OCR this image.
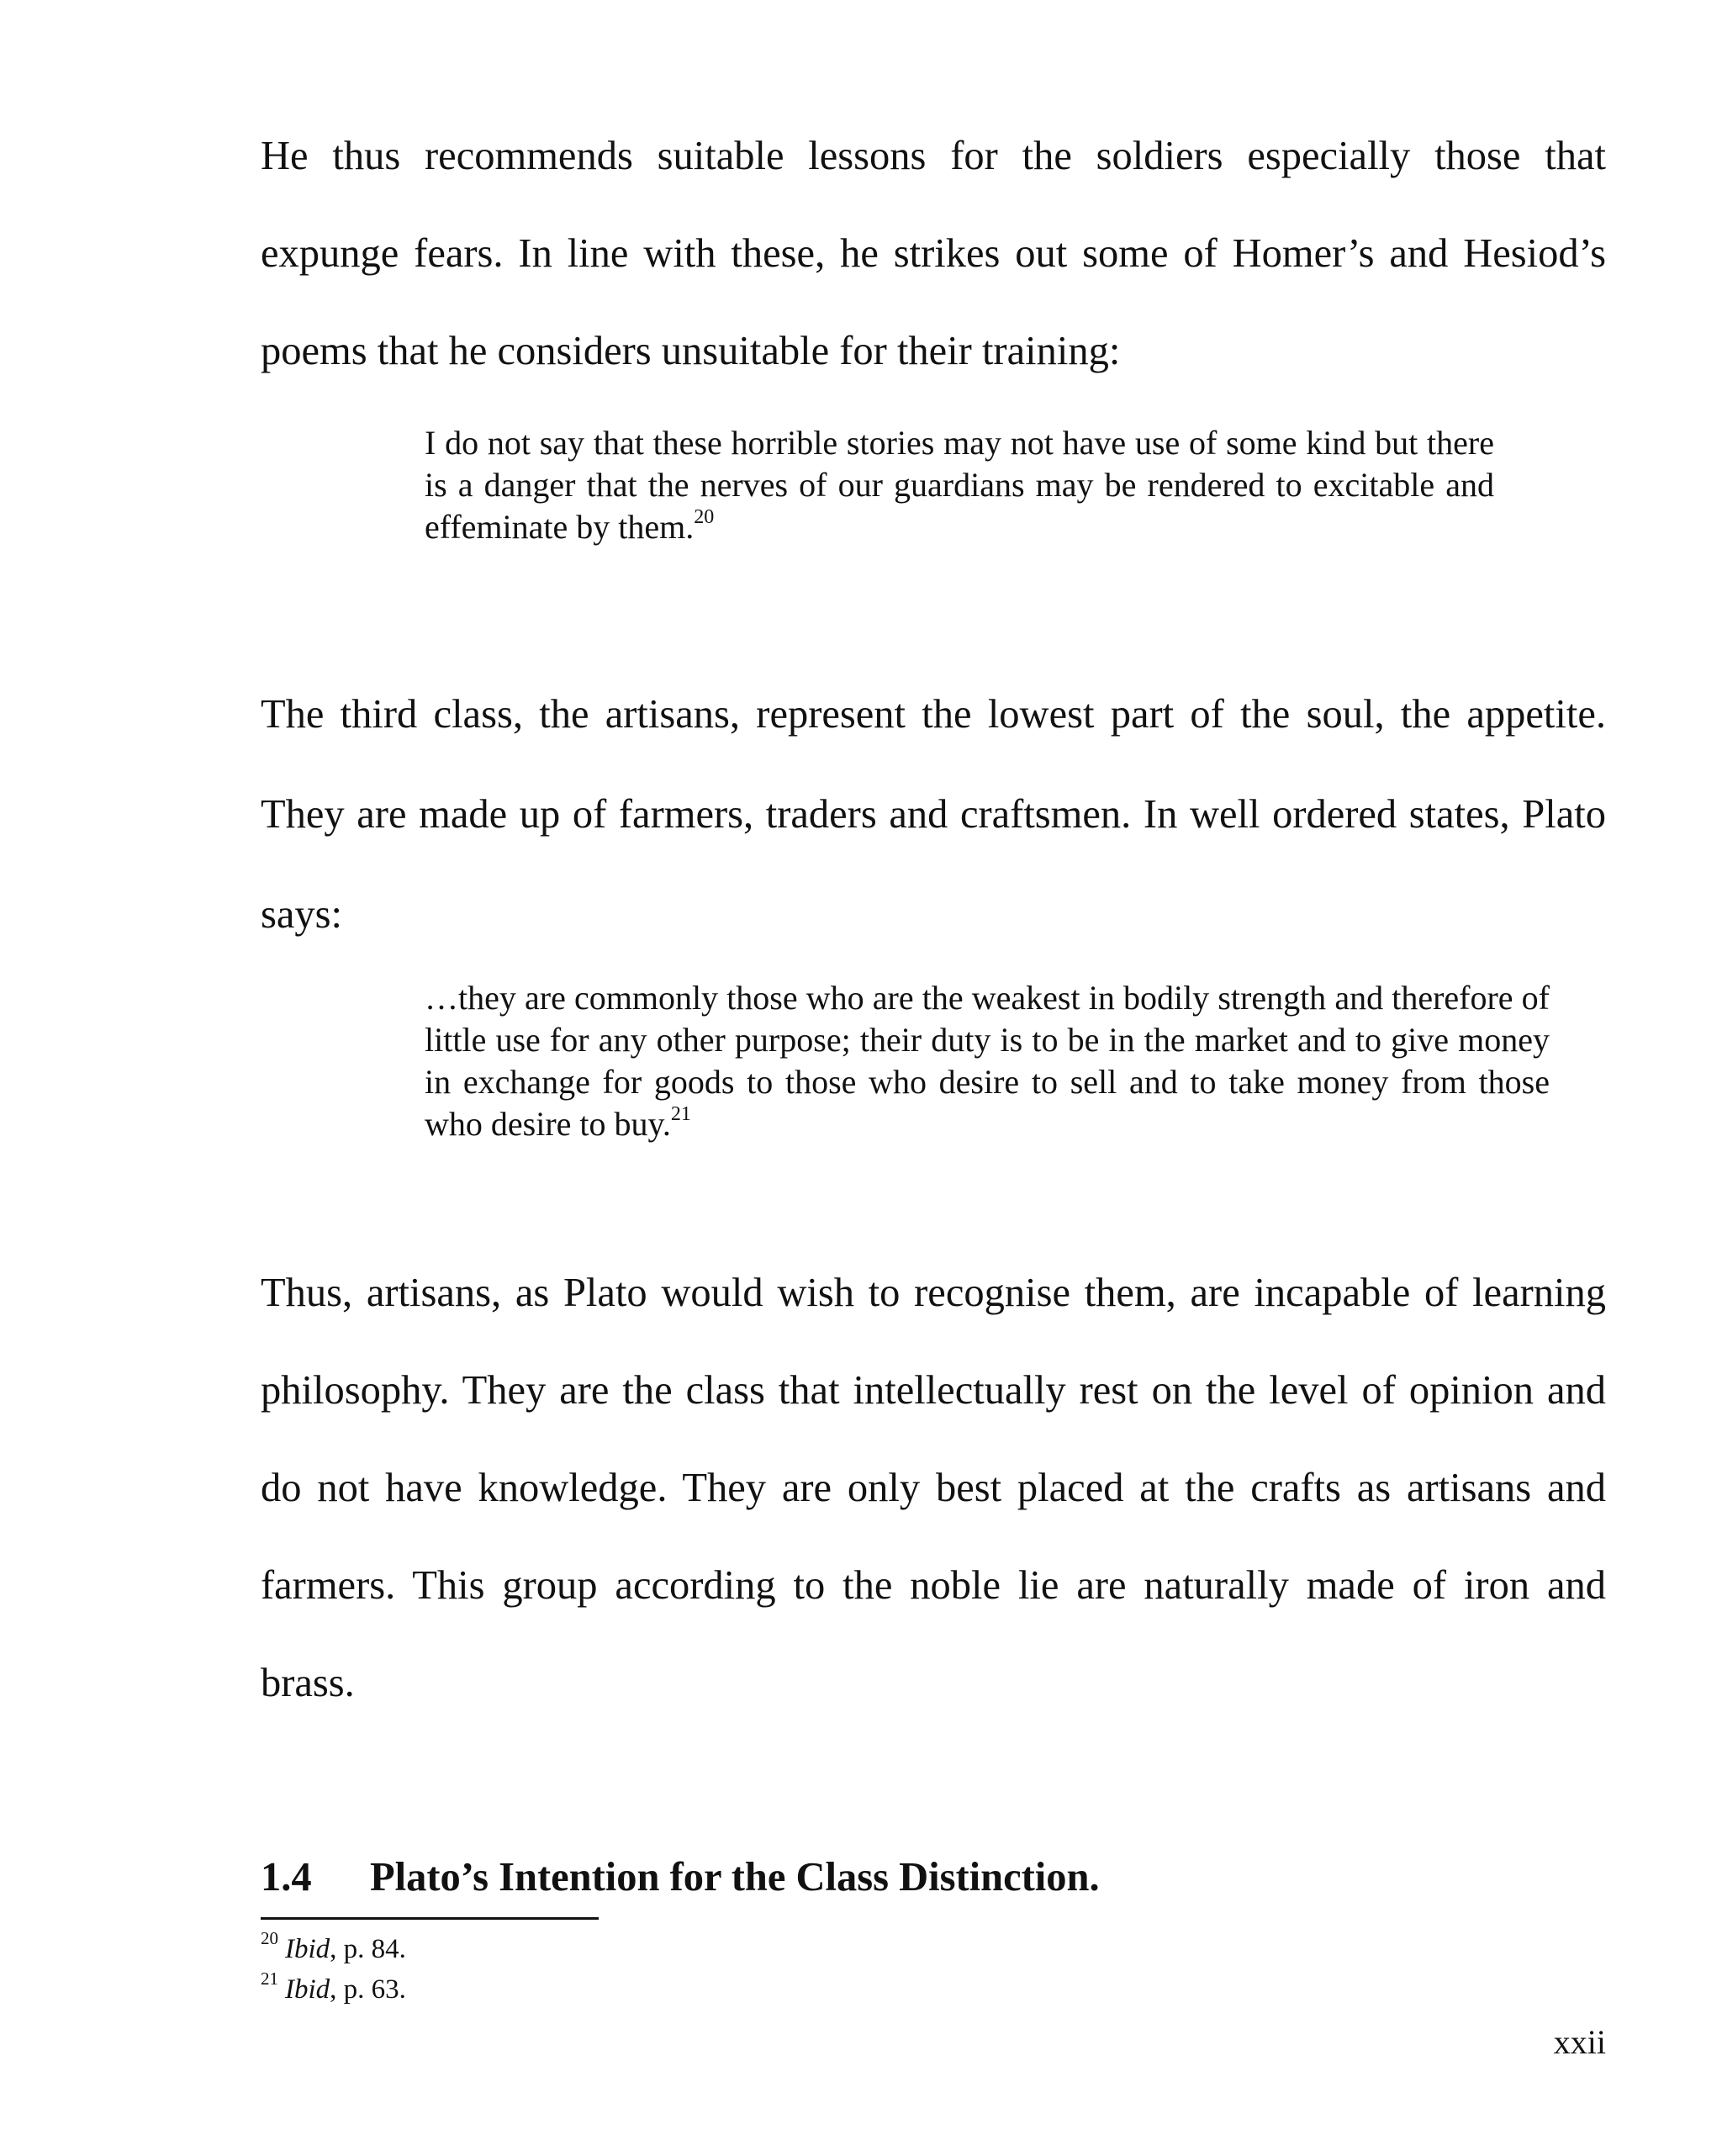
He thus recommends suitable lessons for the soldiers especially those that expunge fears. In line with these, he strikes out some of Homer’s and Hesiod’s poems that he considers unsuitable for their training:

I do not say that these horrible stories may not have use of some kind but there is a danger that the nerves of our guardians may be rendered to excitable and effeminate by them.$^{20}$

The third class, the artisans, represent the lowest part of the soul, the appetite. They are made up of farmers, traders and craftsmen. In well ordered states, Plato says:

…they are commonly those who are the weakest in bodily strength and therefore of little use for any other purpose; their duty is to be in the market and to give money in exchange for goods to those who desire to sell and to take money from those who desire to buy.$^{21}$

Thus, artisans, as Plato would wish to recognise them, are incapable of learning philosophy. They are the class that intellectually rest on the level of opinion and do not have knowledge. They are only best placed at the crafts as artisans and farmers. This group according to the noble lie are naturally made of iron and brass.

1.4 Plato’s Intention for the Class Distinction.
$^{20}$ Ibid, p. 84.
$^{21}$ Ibid, p. 63.

xxii
